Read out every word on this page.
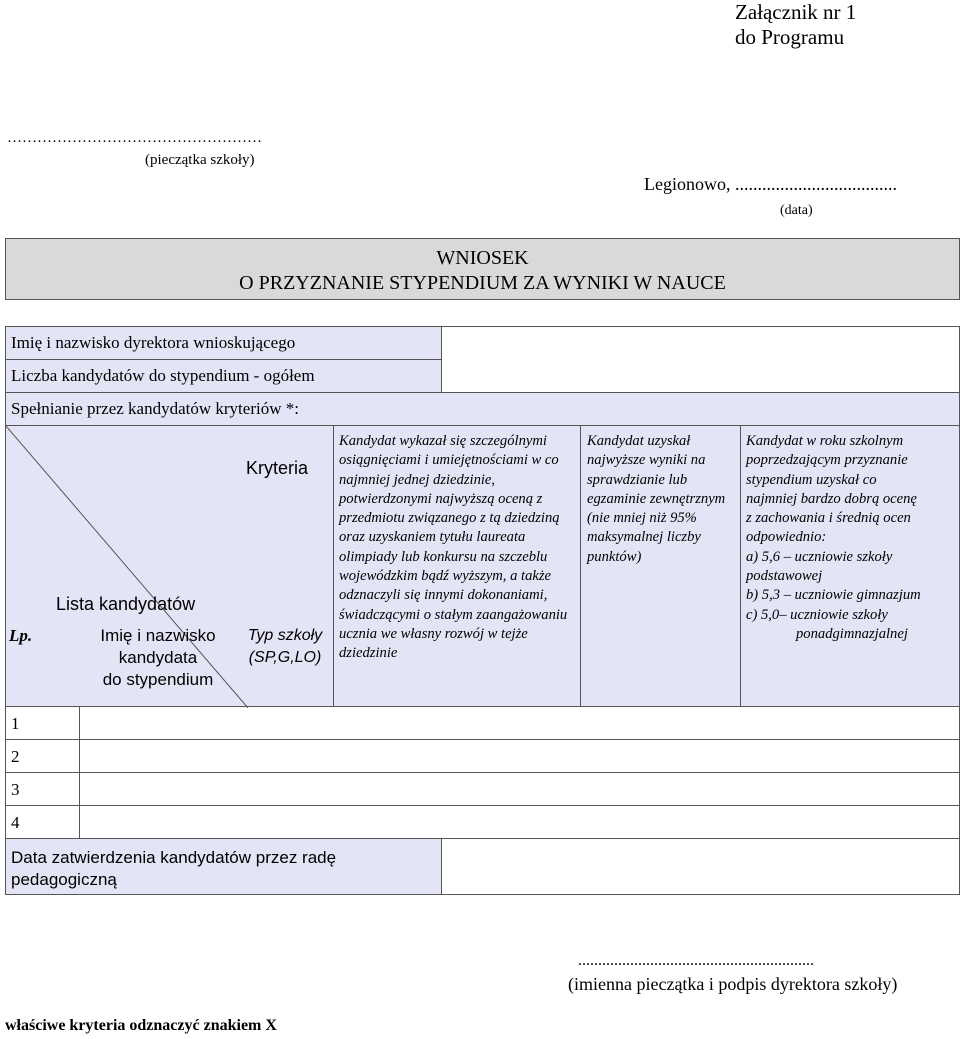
Załącznik nr 1
do Programu
……………………………………………
(pieczątka szkoły)
Legionowo, ....................................
(data)
WNIOSEK
O PRZYZNANIE STYPENDIUM ZA WYNIKI W NAUCE
Imię i nazwisko dyrektora wnioskującego
Liczba kandydatów do stypendium - ogółem
Spełnianie przez kandydatów kryteriów *:
Kryteria
Lista kandydatów
Lp.	Imię i nazwisko
kandydata
do stypendium
Typ szkoły
(SP,G,LO)
Kandydat wykazał się szczególnymi osiągnięciami i umiejętnościami w co najmniej jednej dziedzinie, potwierdzonymi najwyższą oceną z przedmiotu związanego z tą dziedziną oraz uzyskaniem tytułu laureata olimpiady lub konkursu na szczeblu wojewódzkim bądź wyższym, a także odznaczyli się innymi dokonaniami, świadczącymi o stałym zaangażowaniu ucznia we własny rozwój w tejże dziedzinie
Kandydat uzyskał najwyższe wyniki na sprawdzianie lub egzaminie zewnętrznym (nie mniej niż 95% maksymalnej liczby punktów)
Kandydat w roku szkolnym
poprzedzającym przyznanie
stypendium uzyskał co
najmniej bardzo dobrą ocenę
z zachowania i średnią ocen
odpowiednio:
a) 5,6 – uczniowie szkoły
podstawowej
b) 5,3 – uczniowie gimnazjum
c) 5,0– uczniowie szkoły
ponadgimnazjalnej
1
2
3
4
Data zatwierdzenia kandydatów przez radę pedagogiczną
...........................................................
(imienna pieczątka i podpis dyrektora szkoły)
właściwe kryteria odznaczyć znakiem X
